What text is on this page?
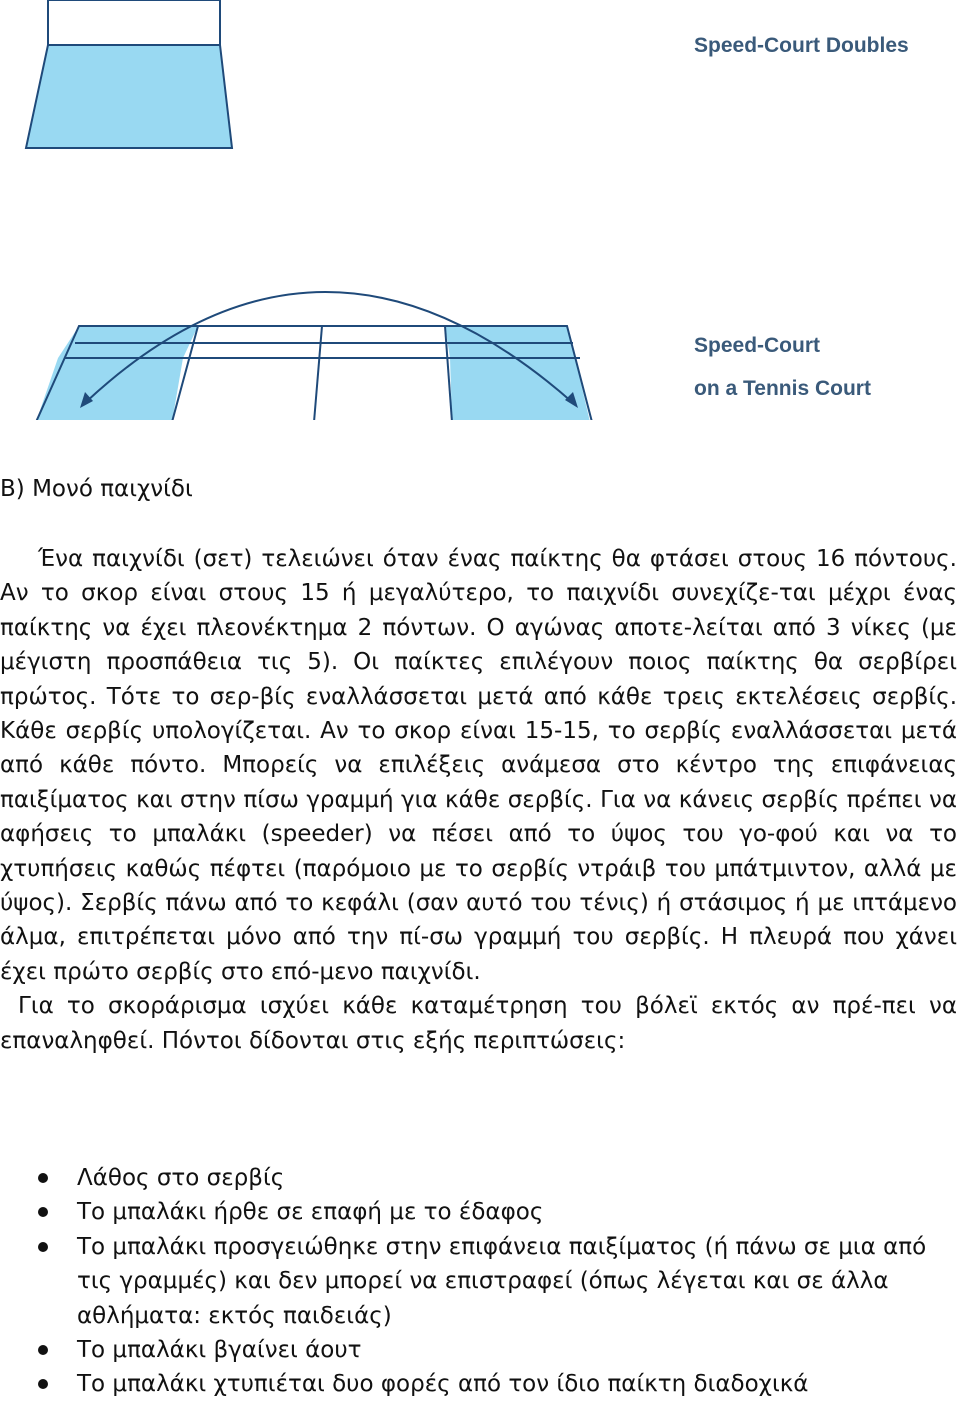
Speed-Court Doubles
Speed-Court
on a Tennis Court
B) Μονό παιχνίδι

Ένα παιχνίδι (σετ) τελειώνει όταν ένας παίκτης θα φτάσει στους 16 πόντους. Αν το σκορ είναι στους 15 ή μεγαλύτερο, το παιχνίδι συνεχίζε-ται μέχρι ένας παίκτης να έχει πλεονέκτημα 2 πόντων. Ο αγώνας αποτε-λείται από 3 νίκες (με μέγιστη προσπάθεια τις 5). Οι παίκτες επιλέγουν ποιος παίκτης θα σερβίρει πρώτος. Τότε το σερ-βίς εναλλάσσεται μετά από κάθε τρεις εκτελέσεις σερβίς. Κάθε σερβίς υπολογίζεται. Αν το σκορ είναι 15-15, το σερβίς εναλλάσσεται μετά από κάθε πόντο. Μπορείς να επιλέξεις ανάμεσα στο κέντρο της επιφάνειας παιξίματος και στην πίσω γραμμή για κάθε σερβίς. Για να κάνεις σερβίς πρέπει να αφήσεις το μπαλάκι (speeder) να πέσει από το ύψος του γο-φού και να το χτυπήσεις καθώς πέφτει (παρόμοιο με το σερβίς ντράιβ του μπάτμιντον, αλλά με ύψος). Σερβίς πάνω από το κεφάλι (σαν αυτό του τένις) ή στάσιμος ή με ιπτάμενο άλμα, επιτρέπεται μόνο από την πί-σω γραμμή του σερβίς. Η πλευρά που χάνει έχει πρώτο σερβίς στο επό-μενο παιχνίδι.

Για το σκοράρισμα ισχύει κάθε καταμέτρηση του βόλεϊ εκτός αν πρέ-πει να επαναληφθεί. Πόντοι δίδονται στις εξής περιπτώσεις:

Λάθος στο σερβίς
Το μπαλάκι ήρθε σε επαφή με το έδαφος
Το μπαλάκι προσγειώθηκε στην επιφάνεια παιξίματος (ή πάνω σε μια από τις γραμμές) και δεν μπορεί να επιστραφεί (όπως λέγεται και σε άλλα αθλήματα: εκτός παιδειάς)
Το μπαλάκι βγαίνει άουτ
Το μπαλάκι χτυπιέται δυο φορές από τον ίδιο παίκτη διαδοχικά
